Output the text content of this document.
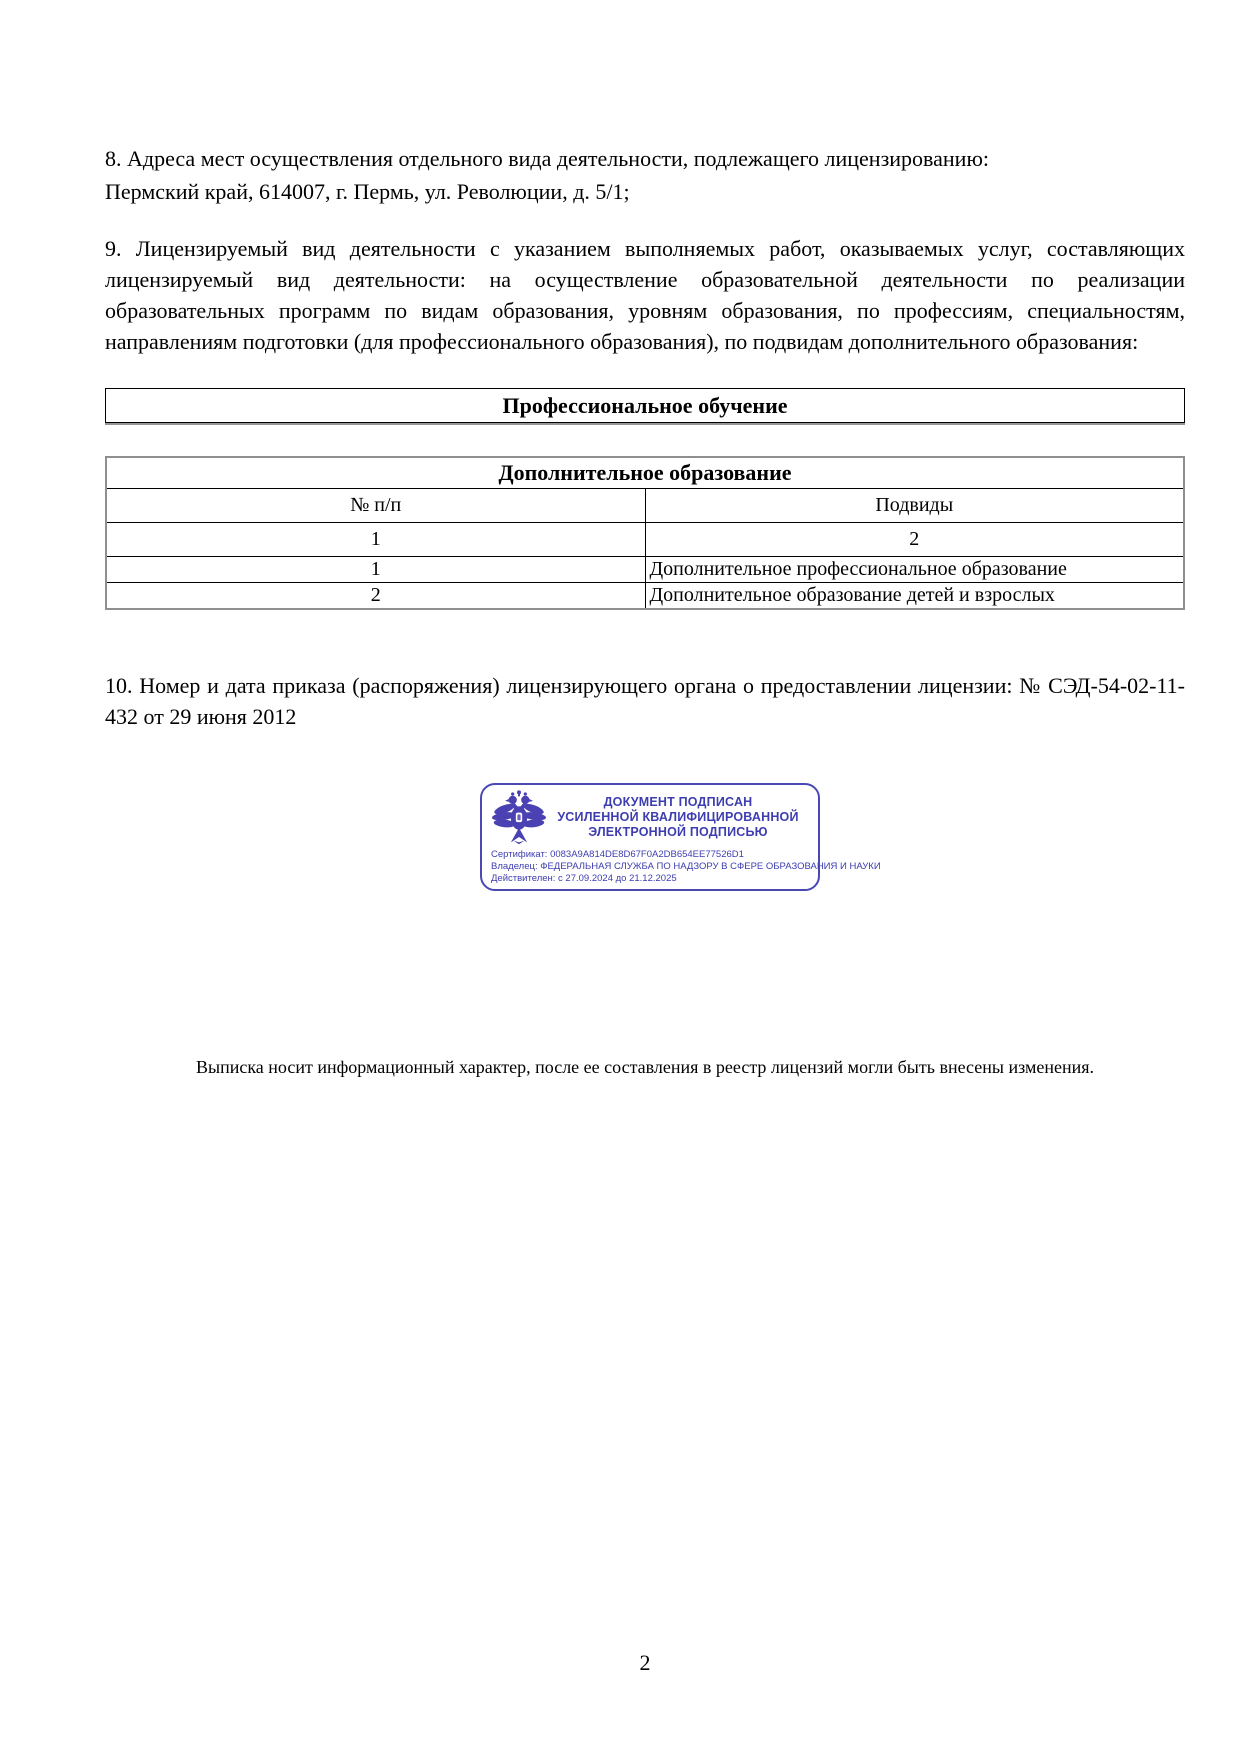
8. Адреса мест осуществления отдельного вида деятельности, подлежащего лицензированию:
Пермский край, 614007, г. Пермь, ул. Революции, д. 5/1;
9. Лицензируемый вид деятельности с указанием выполняемых работ, оказываемых услуг, составляющих лицензируемый вид деятельности: на осуществление образовательной деятельности по реализации образовательных программ по видам образования, уровням образования, по профессиям, специальностям, направлениям подготовки (для профессионального образования), по подвидам дополнительного образования:
Профессиональное обучение
Дополнительное образование	
№ п/п	Подвиды
1	2
1	Дополнительное профессиональное образование
2	Дополнительное образование детей и взрослых
10. Номер и дата приказа (распоряжения) лицензирующего органа о предоставлении лицензии: № СЭД-54-02-11-432 от 29 июня 2012
ДОКУМЕНТ ПОДПИСАН
УСИЛЕННОЙ КВАЛИФИЦИРОВАННОЙ
ЭЛЕКТРОННОЙ ПОДПИСЬЮ
Сертификат: 0083A9A814DE8D67F0A2DB654EE77526D1
Владелец: ФЕДЕРАЛЬНАЯ СЛУЖБА ПО НАДЗОРУ В СФЕРЕ ОБРАЗОВАНИЯ И НАУКИ
Действителен: с 27.09.2024 до 21.12.2025
Выписка носит информационный характер, после ее составления в реестр лицензий могли быть внесены изменения.
2
